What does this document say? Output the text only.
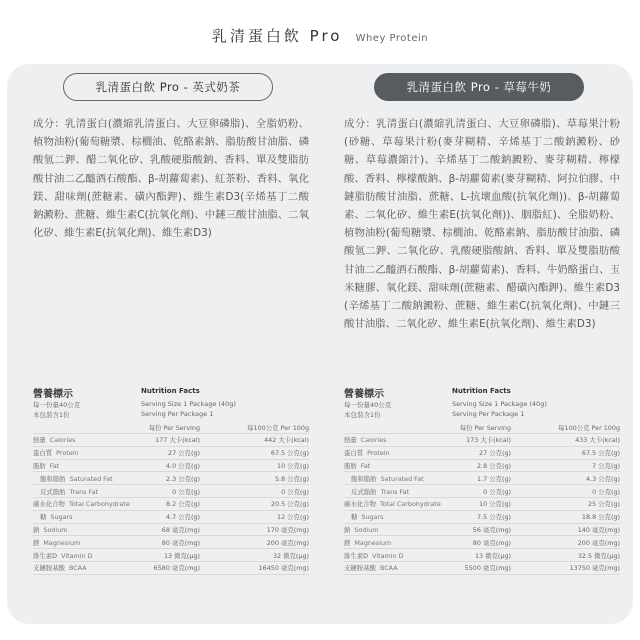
乳清蛋白飲 Pro Whey Protein
乳清蛋白飲 Pro - 英式奶茶

成分：乳清蛋白(濃縮乳清蛋白、大豆卵磷脂)、全脂奶粉、植物油粉(葡萄糖漿、棕櫚油、乾酪素鈉、脂肪酸甘油脂、磷酸氫二鉀、醋二氧化矽、乳酸硬脂酸鈉、香料、單及雙脂肪酸甘油二乙醯酒石酸酯、β-胡蘿蔔素)、紅茶粉、香料、氧化鎂、甜味劑(蔗糖素、磺內酯鉀)、維生素D3(辛烯基丁二酸鈉澱粉、蔗糖、維生素C(抗氧化劑)、中鏈三酸甘油脂、二氧化矽、維生素E(抗氧化劑)、維生素D3)

營養標示	Nutrition Facts
每一份量40公克
本包裝含1份
Serving Size 1 Package (40g)
Serving Per Package 1
	每份 Per Serving	每100公克 Per 100g
熱量 Calories	177 大卡(kcal)	442 大卡(kcal)
蛋白質 Protein	27 公克(g)	67.5 公克(g)
脂肪 Fat	4.0 公克(g)	10 公克(g)
飽和脂肪 Saturated Fat	2.3 公克(g)	5.8 公克(g)
反式脂肪 Trans Fat	0 公克(g)	0 公克(g)
碳水化合物 Total Carbohydrate	8.2 公克(g)	20.5 公克(g)
糖 Sugars	4.7 公克(g)	12 公克(g)
鈉 Sodium	68 毫克(mg)	170 毫克(mg)
鎂 Magnesium	80 毫克(mg)	200 毫克(mg)
維生素D Vitamin D	13 微克(μg)	32 微克(μg)
支鏈胺基酸 BCAA	6580 毫克(mg)	16450 毫克(mg)
乳清蛋白飲 Pro - 草莓牛奶

成分：乳清蛋白(濃縮乳清蛋白、大豆卵磷脂)、草莓果汁粉(砂糖、草莓果汁粉(麥芽糊精、辛烯基丁二酸鈉澱粉、砂糖、草莓濃縮汁)、辛烯基丁二酸鈉澱粉、麥芽糊精、檸檬酸、香料、檸檬酸鈉、β-胡蘿蔔素(麥芽糊精、阿拉伯膠、中鏈脂肪酸甘油脂、蔗糖、L-抗壞血酸(抗氧化劑))、β-胡蘿蔔素、二氧化矽、維生素E(抗氧化劑))、胭脂紅)、全脂奶粉、植物油粉(葡萄糖漿、棕櫚油、乾酪素鈉、脂肪酸甘油脂、磷酸氫二鉀、二氧化矽、乳酸硬脂酸鈉、香料、單及雙脂肪酸甘油二乙醯酒石酸酯、β-胡蘿蔔素)、香料、牛奶酪蛋白、玉米糖膠、氧化鎂、甜味劑(蔗糖素、醋磺內酯鉀)、維生素D3(辛烯基丁二酸鈉澱粉、蔗糖、維生素C(抗氧化劑)、中鏈三酸甘油脂、二氧化矽、維生素E(抗氧化劑)、維生素D3)

營養標示	Nutrition Facts
每一份量40公克
本包裝含1份
Serving Size 1 Package (40g)
Serving Per Package 1
	每份 Per Serving	每100公克 Per 100g
熱量 Calories	173 大卡(kcal)	433 大卡(kcal)
蛋白質 Protein	27 公克(g)	67.5 公克(g)
脂肪 Fat	2.8 公克(g)	7 公克(g)
飽和脂肪 Saturated Fat	1.7 公克(g)	4.3 公克(g)
反式脂肪 Trans Fat	0 公克(g)	0 公克(g)
碳水化合物 Total Carbohydrate	10 公克(g)	25 公克(g)
糖 Sugars	7.5 公克(g)	18.8 公克(g)
鈉 Sodium	56 毫克(mg)	140 毫克(mg)
鎂 Magnesium	80 毫克(mg)	200 毫克(mg)
維生素D Vitamin D	13 微克(μg)	32.5 微克(μg)
支鏈胺基酸 BCAA	5500 毫克(mg)	13750 毫克(mg)
